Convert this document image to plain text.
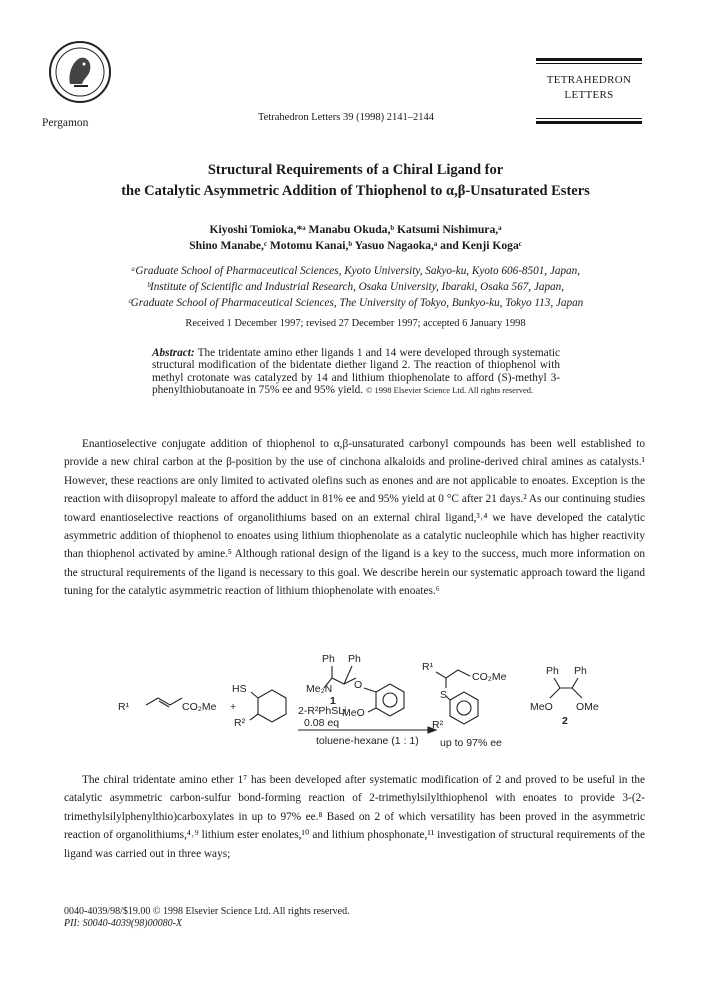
Pergamon	Tetrahedron Letters 39 (1998) 2141–2144
TETRAHEDRON
LETTERS
Structural Requirements of a Chiral Ligand for
the Catalytic Asymmetric Addition of Thiophenol to α,β-Unsaturated Esters
Kiyoshi Tomioka,*ᵃ Manabu Okuda,ᵇ Katsumi Nishimura,ᵃ
Shino Manabe,ᶜ Motomu Kanai,ᵇ Yasuo Nagaoka,ᵃ and Kenji Kogaᶜ
ᵃGraduate School of Pharmaceutical Sciences, Kyoto University, Sakyo-ku, Kyoto 606-8501, Japan,
ᵇInstitute of Scientific and Industrial Research, Osaka University, Ibaraki, Osaka 567, Japan,
ᶜGraduate School of Pharmaceutical Sciences, The University of Tokyo, Bunkyo-ku, Tokyo 113, Japan
Received 1 December 1997; revised 27 December 1997; accepted 6 January 1998
Abstract: The tridentate amino ether ligands 1 and 14 were developed through systematic structural modification of the bidentate diether ligand 2. The reaction of thiophenol with methyl crotonate was catalyzed by 14 and lithium thiophenolate to afford (S)-methyl 3-phenylthiobutanoate in 75% ee and 95% yield. © 1998 Elsevier Science Ltd. All rights reserved.

Enantioselective conjugate addition of thiophenol to α,β-unsaturated carbonyl compounds has been well established to provide a new chiral carbon at the β-position by the use of cinchona alkaloids and proline-derived chiral amines as catalysts.¹ However, these reactions are only limited to activated olefins such as enones and are not applicable to enoates. Exception is the reaction with diisopropyl maleate to afford the adduct in 81% ee and 95% yield at 0 °C after 21 days.² As our continuing studies toward enantioselective reactions of organolithiums based on an external chiral ligand,³˒⁴ we have developed the catalytic asymmetric addition of thiophenol to enoates using lithium thiophenolate as a catalytic nucleophile which has higher reactivity than thiophenol activated by amine.⁵ Although rational design of the ligand is a key to the success, much more information on the structural requirements of the ligand is necessary to this goal. We describe herein our systematic approach toward the ligand tuning for the catalytic asymmetric reaction of lithium thiophenolate with enoates.⁶

R¹	CO₂Me +
HS
R²
Ph Ph
Me₂N O
MeO
1
2-R²PhSLi
0.08 eq
toluene-hexane (1 : 1)
R¹
CO₂Me
S
R²
up to 97% ee
Ph Ph
MeO OMe
2

The chiral tridentate amino ether 1⁷ has been developed after systematic modification of 2 and proved to be useful in the catalytic asymmetric carbon-sulfur bond-forming reaction of 2-trimethylsilylthiophenol with enoates to provide 3-(2-trimethylsilylphenylthio)carboxylates in up to 97% ee.⁸ Based on 2 of which versatility has been proved in the asymmetric reaction of organolithiums,⁴˒⁹ lithium ester enolates,¹⁰ and lithium phosphonate,¹¹ investigation of structural requirements of the ligand was carried out in three ways;

0040-4039/98/$19.00 © 1998 Elsevier Science Ltd. All rights reserved.
PII: S0040-4039(98)00080-X
